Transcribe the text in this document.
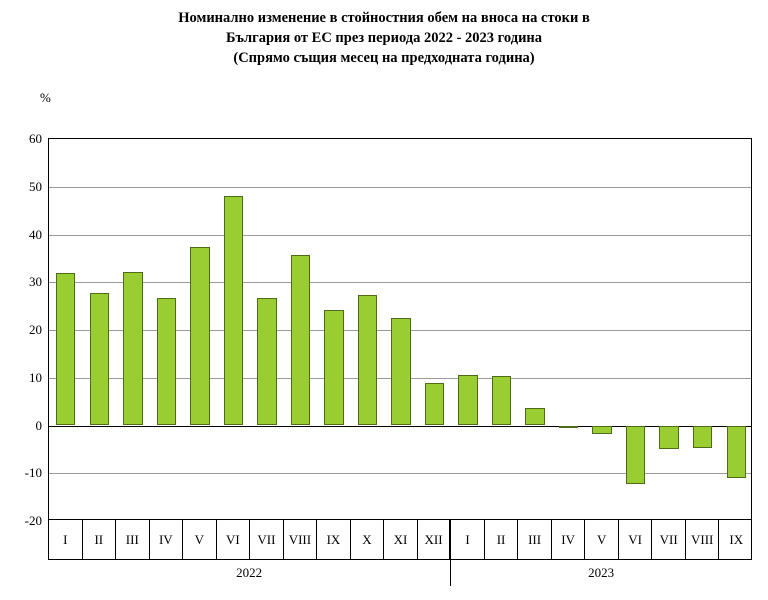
Номинално изменение в стойностния обем на вноса на стоки в
България от ЕС през периода 2022 - 2023 година
(Спрямо същия месец на предходната година)
%
-20
-10
0
10
20
30
40
50
60
I	II	III	IV	V	VI	VII	VIII	IX	X	XI	XII	I	II	III	IV	V	VI	VII	VIII	IX
2022	2023
